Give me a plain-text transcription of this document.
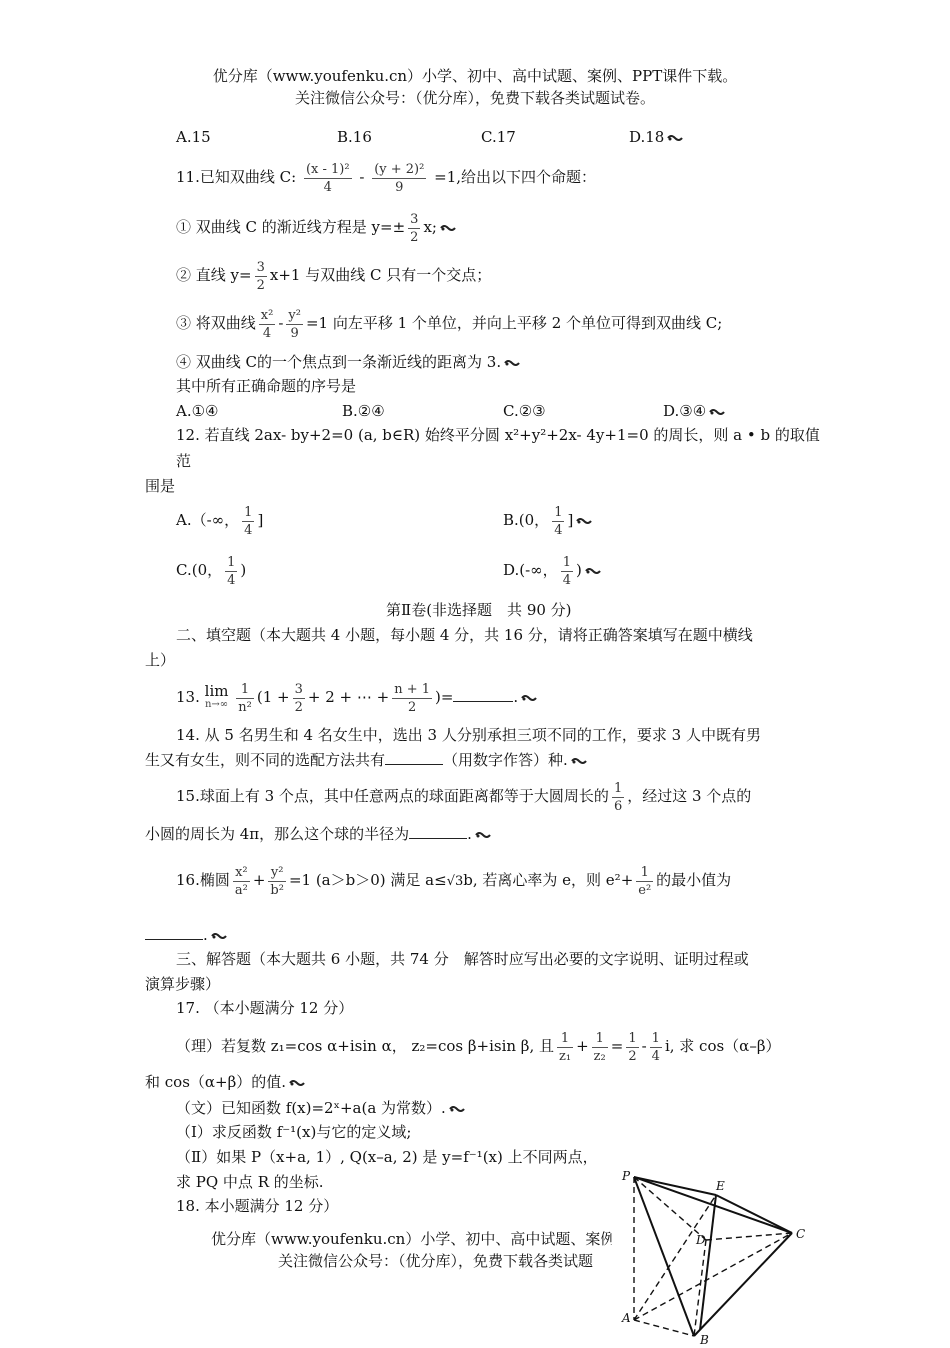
优分库（www.youfenku.cn）小学、初中、高中试题、案例、PPT课件下载。
关注微信公众号：（优分库），免费下载各类试题试卷。
A.15	B.16	C.17	D.18
11.已知双曲线 C: $\frac{\text{(x - 1)²}}{4} - \frac{\text{(y + 2)²}}{9} =1$,给出以下四个命题：
① 双曲线 C 的渐近线方程是 $y=\pm \frac{3}{2} x$;
② 直线 $y= \frac{3}{2} x+1$ 与双曲线 C 只有一个交点；
③ 将双曲线 $\frac{\text{x²}}{4} - \frac{\text{y²}}{9} =1$ 向左平移 1 个单位，并向上平移 2 个单位可得到双曲线 C;
④ 双曲线 C的一个焦点到一条渐近线的距离为 3.
其中所有正确命题的序号是
A.①④	B.②④	C.②③	D.③④
12. 若直线 2ax- by+2=0 (a, b∈R) 始终平分圆 x²+y²+2x- 4y+1=0 的周长，则 a • b 的取值
范
围是
A.（-∞， $\frac{1}{4}$ ]	B.(0， $\frac{1}{4}$ ]
C.(0， $\frac{1}{4}$ )	D.(-∞， $\frac{1}{4}$ )
第Ⅱ卷(非选择题　共 90 分)
二、填空题（本大题共 4 小题，每小题 4 分，共 16 分，请将正确答案填写在题中横线
上）
13. lim
n→∞
$\frac{1}{\text{n²}} (1 + \frac{3}{2} + 2$ + ⋯ + $\frac{n + 1}{2}$ )=	.
14. 从 5 名男生和 4 名女生中，选出 3 人分别承担三项不同的工作，要求 3 人中既有男
生又有女生，则不同的选配方法共有	（用数字作答）种.
15.球面上有 3 个点，其中任意两点的球面距离都等于大圆周长的 $\frac{1}{6}$ ，经过这 3 个点的
小圆的周长为 4π，那么这个球的半径为	.
16.椭圆 $\frac{\text{x²}}{\text{a²}} + \frac{\text{y²}}{\text{b²}} =1$ (a＞b＞0) 满足 a≤√3b, 若离心率为 e，则 $e^2+ \frac{1}{\text{e²}}$ 的最小值为
.
三、解答题（本大题共 6 小题，共 74 分　解答时应写出必要的文字说明、证明过程或
演算步骤）
17. （本小题满分 12 分）
（理）若复数 z₁=cos α+isin α， z₂=cos β+isin β, 且 $\frac{1}{\text{z₁}} + \frac{1}{\text{z₂}} = \frac{1}{2} - \frac{1}{4} i$, 求 cos（α–β）
和 cos（α+β）的值.
（文）已知函数 f(x)=2ˣ+a(a 为常数）.
（Ⅰ）求反函数 f⁻¹(x)与它的定义域;
（Ⅱ）如果 P（x+a, 1）, Q(x–a, 2) 是 y=f⁻¹(x) 上不同两点，
求 PQ 中点 R 的坐标.
18. 本小题满分 12 分）
优分库（www.youfenku.cn）小学、初中、高中试题、案例
关注微信公众号：（优分库），免费下载各类试题
P
E
C
D
A
B
